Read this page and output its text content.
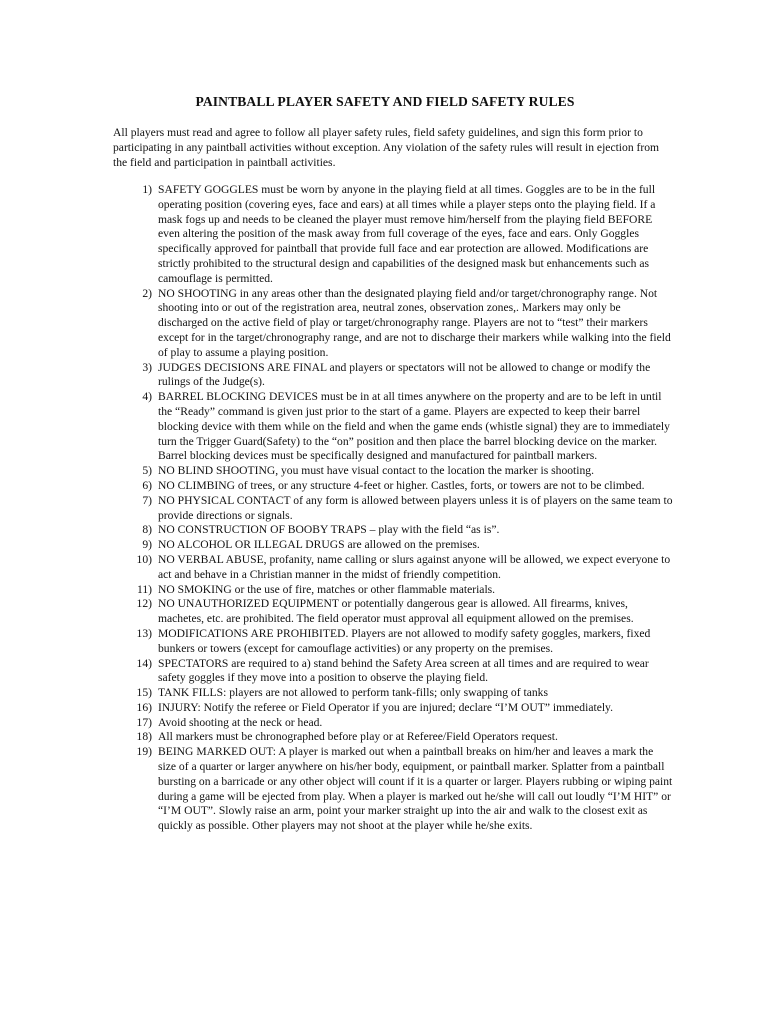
PAINTBALL PLAYER SAFETY AND FIELD SAFETY RULES
All players must read and agree to follow all player safety rules, field safety guidelines, and sign this form prior to participating in any paintball activities without exception. Any violation of the safety rules will result in ejection from the field and participation in paintball activities.
1) SAFETY GOGGLES must be worn by anyone in the playing field at all times. Goggles are to be in the full operating position (covering eyes, face and ears) at all times while a player steps onto the playing field. If a mask fogs up and needs to be cleaned the player must remove him/herself from the playing field BEFORE even altering the position of the mask away from full coverage of the eyes, face and ears. Only Goggles specifically approved for paintball that provide full face and ear protection are allowed. Modifications are strictly prohibited to the structural design and capabilities of the designed mask but enhancements such as camouflage is permitted.
2) NO SHOOTING in any areas other than the designated playing field and/or target/chronography range. Not shooting into or out of the registration area, neutral zones, observation zones,. Markers may only be discharged on the active field of play or target/chronography range. Players are not to “test” their markers except for in the target/chronography range, and are not to discharge their markers while walking into the field of play to assume a playing position.
3) JUDGES DECISIONS ARE FINAL and players or spectators will not be allowed to change or modify the rulings of the Judge(s).
4) BARREL BLOCKING DEVICES must be in at all times anywhere on the property and are to be left in until the “Ready” command is given just prior to the start of a game. Players are expected to keep their barrel blocking device with them while on the field and when the game ends (whistle signal) they are to immediately turn the Trigger Guard(Safety) to the “on” position and then place the barrel blocking device on the marker. Barrel blocking devices must be specifically designed and manufactured for paintball markers.
5) NO BLIND SHOOTING, you must have visual contact to the location the marker is shooting.
6) NO CLIMBING of trees, or any structure 4-feet or higher. Castles, forts, or towers are not to be climbed.
7) NO PHYSICAL CONTACT of any form is allowed between players unless it is of players on the same team to provide directions or signals.
8) NO CONSTRUCTION OF BOOBY TRAPS – play with the field “as is”.
9) NO ALCOHOL OR ILLEGAL DRUGS are allowed on the premises.
10) NO VERBAL ABUSE, profanity, name calling or slurs against anyone will be allowed, we expect everyone to act and behave in a Christian manner in the midst of friendly competition.
11) NO SMOKING or the use of fire, matches or other flammable materials.
12) NO UNAUTHORIZED EQUIPMENT or potentially dangerous gear is allowed. All firearms, knives, machetes, etc. are prohibited. The field operator must approval all equipment allowed on the premises.
13) MODIFICATIONS ARE PROHIBITED. Players are not allowed to modify safety goggles, markers, fixed bunkers or towers (except for camouflage activities) or any property on the premises.
14) SPECTATORS are required to a) stand behind the Safety Area screen at all times and are required to wear safety goggles if they move into a position to observe the playing field.
15) TANK FILLS: players are not allowed to perform tank-fills; only swapping of tanks
16) INJURY: Notify the referee or Field Operator if you are injured; declare “I’M OUT” immediately.
17) Avoid shooting at the neck or head.
18) All markers must be chronographed before play or at Referee/Field Operators request.
19) BEING MARKED OUT: A player is marked out when a paintball breaks on him/her and leaves a mark the size of a quarter or larger anywhere on his/her body, equipment, or paintball marker. Splatter from a paintball bursting on a barricade or any other object will count if it is a quarter or larger. Players rubbing or wiping paint during a game will be ejected from play. When a player is marked out he/she will call out loudly “I’M HIT” or “I’M OUT”. Slowly raise an arm, point your marker straight up into the air and walk to the closest exit as quickly as possible. Other players may not shoot at the player while he/she exits.
